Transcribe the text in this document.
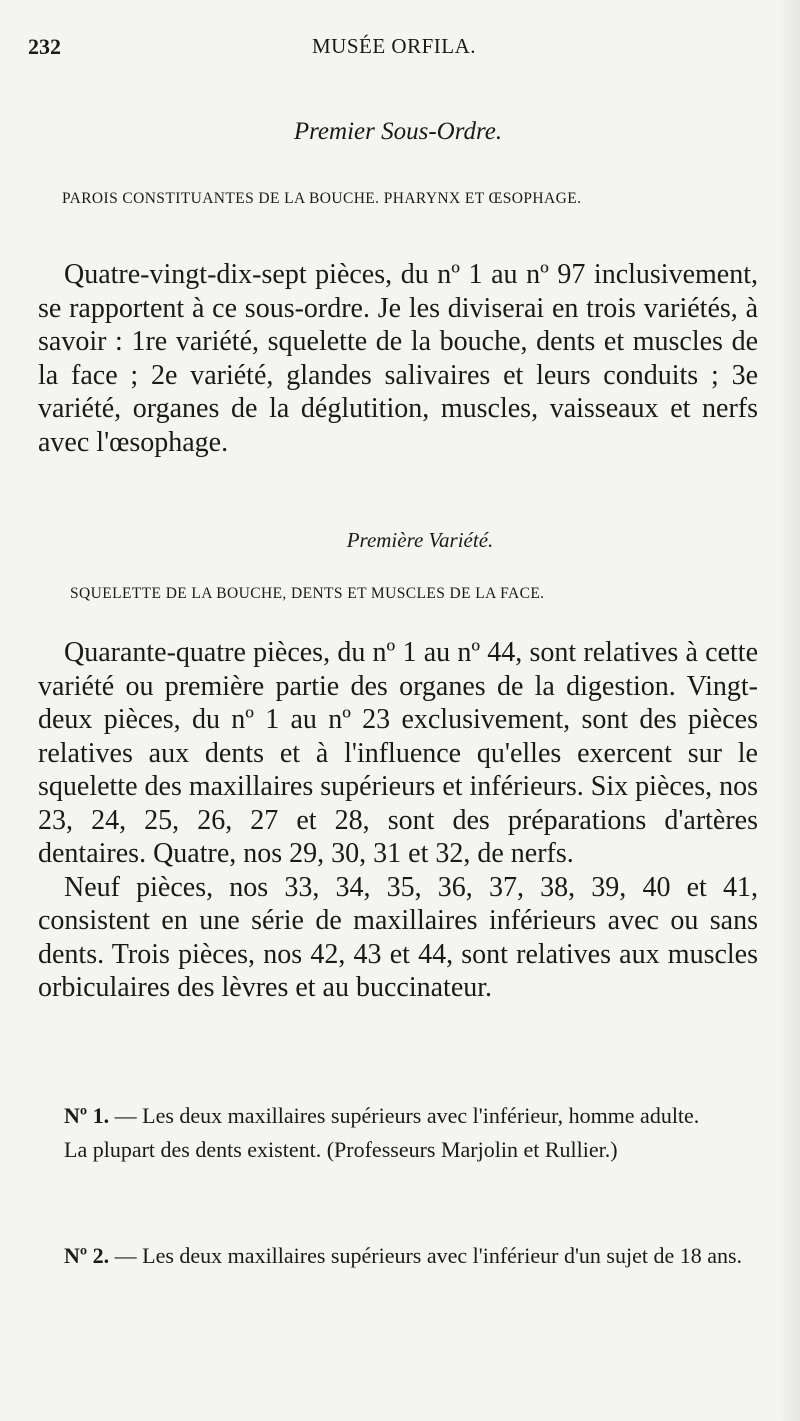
232	MUSÉE ORFILA.
Premier Sous-Ordre.
PAROIS CONSTITUANTES DE LA BOUCHE. PHARYNX ET ŒSOPHAGE.

Quatre-vingt-dix-sept pièces, du nº 1 au nº 97 inclusivement, se rapportent à ce sous-ordre. Je les diviserai en trois variétés, à savoir : 1re variété, squelette de la bouche, dents et muscles de la face ; 2e variété, glandes salivaires et leurs conduits ; 3e variété, organes de la déglutition, muscles, vaisseaux et nerfs avec l'œsophage.

Première Variété.
SQUELETTE DE LA BOUCHE, DENTS ET MUSCLES DE LA FACE.

Quarante-quatre pièces, du nº 1 au nº 44, sont relatives à cette variété ou première partie des organes de la digestion. Vingt-deux pièces, du nº 1 au nº 23 exclusivement, sont des pièces relatives aux dents et à l'influence qu'elles exercent sur le squelette des maxillaires supérieurs et inférieurs. Six pièces, nos 23, 24, 25, 26, 27 et 28, sont des préparations d'artères dentaires. Quatre, nos 29, 30, 31 et 32, de nerfs.

Neuf pièces, nos 33, 34, 35, 36, 37, 38, 39, 40 et 41, consistent en une série de maxillaires inférieurs avec ou sans dents. Trois pièces, nos 42, 43 et 44, sont relatives aux muscles orbiculaires des lèvres et au buccinateur.

Nº 1. — Les deux maxillaires supérieurs avec l'inférieur, homme adulte.

La plupart des dents existent. (Professeurs Marjolin et Rullier.)

Nº 2. — Les deux maxillaires supérieurs avec l'inférieur d'un sujet de 18 ans.
